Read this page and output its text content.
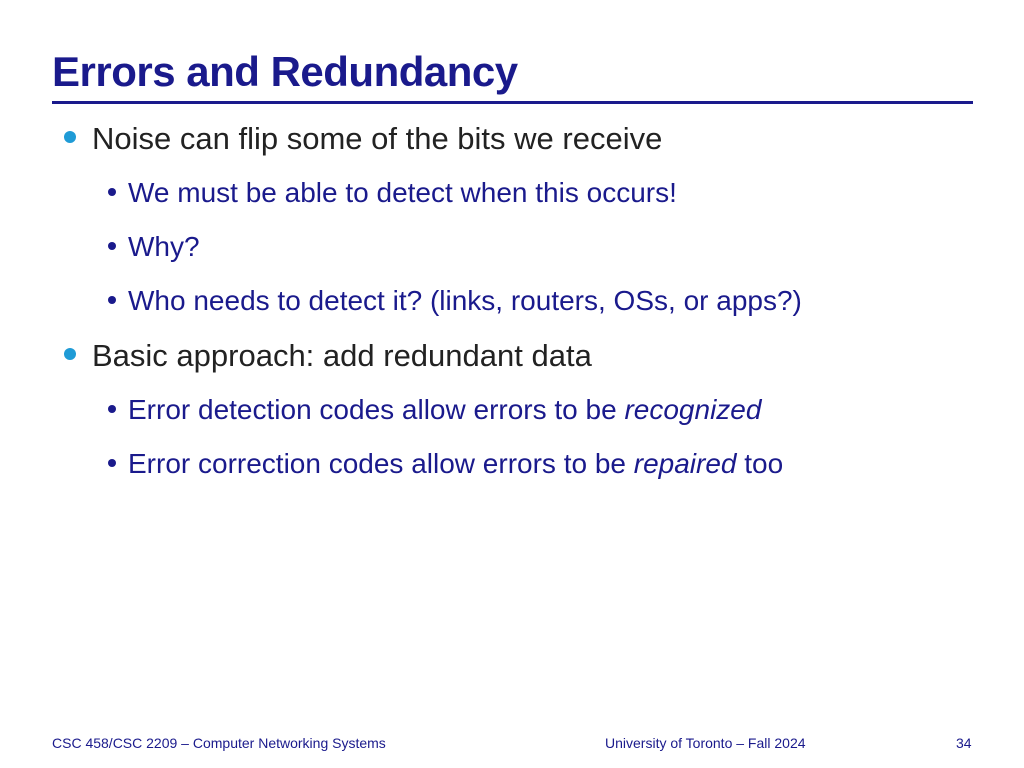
Errors and Redundancy
Noise can flip some of the bits we receive
We must be able to detect when this occurs!
Why?
Who needs to detect it? (links, routers, OSs, or apps?)
Basic approach: add redundant data
Error detection codes allow errors to be recognized
Error correction codes allow errors to be repaired too
CSC 458/CSC 2209 – Computer Networking Systems	University of Toronto – Fall 2024	34
